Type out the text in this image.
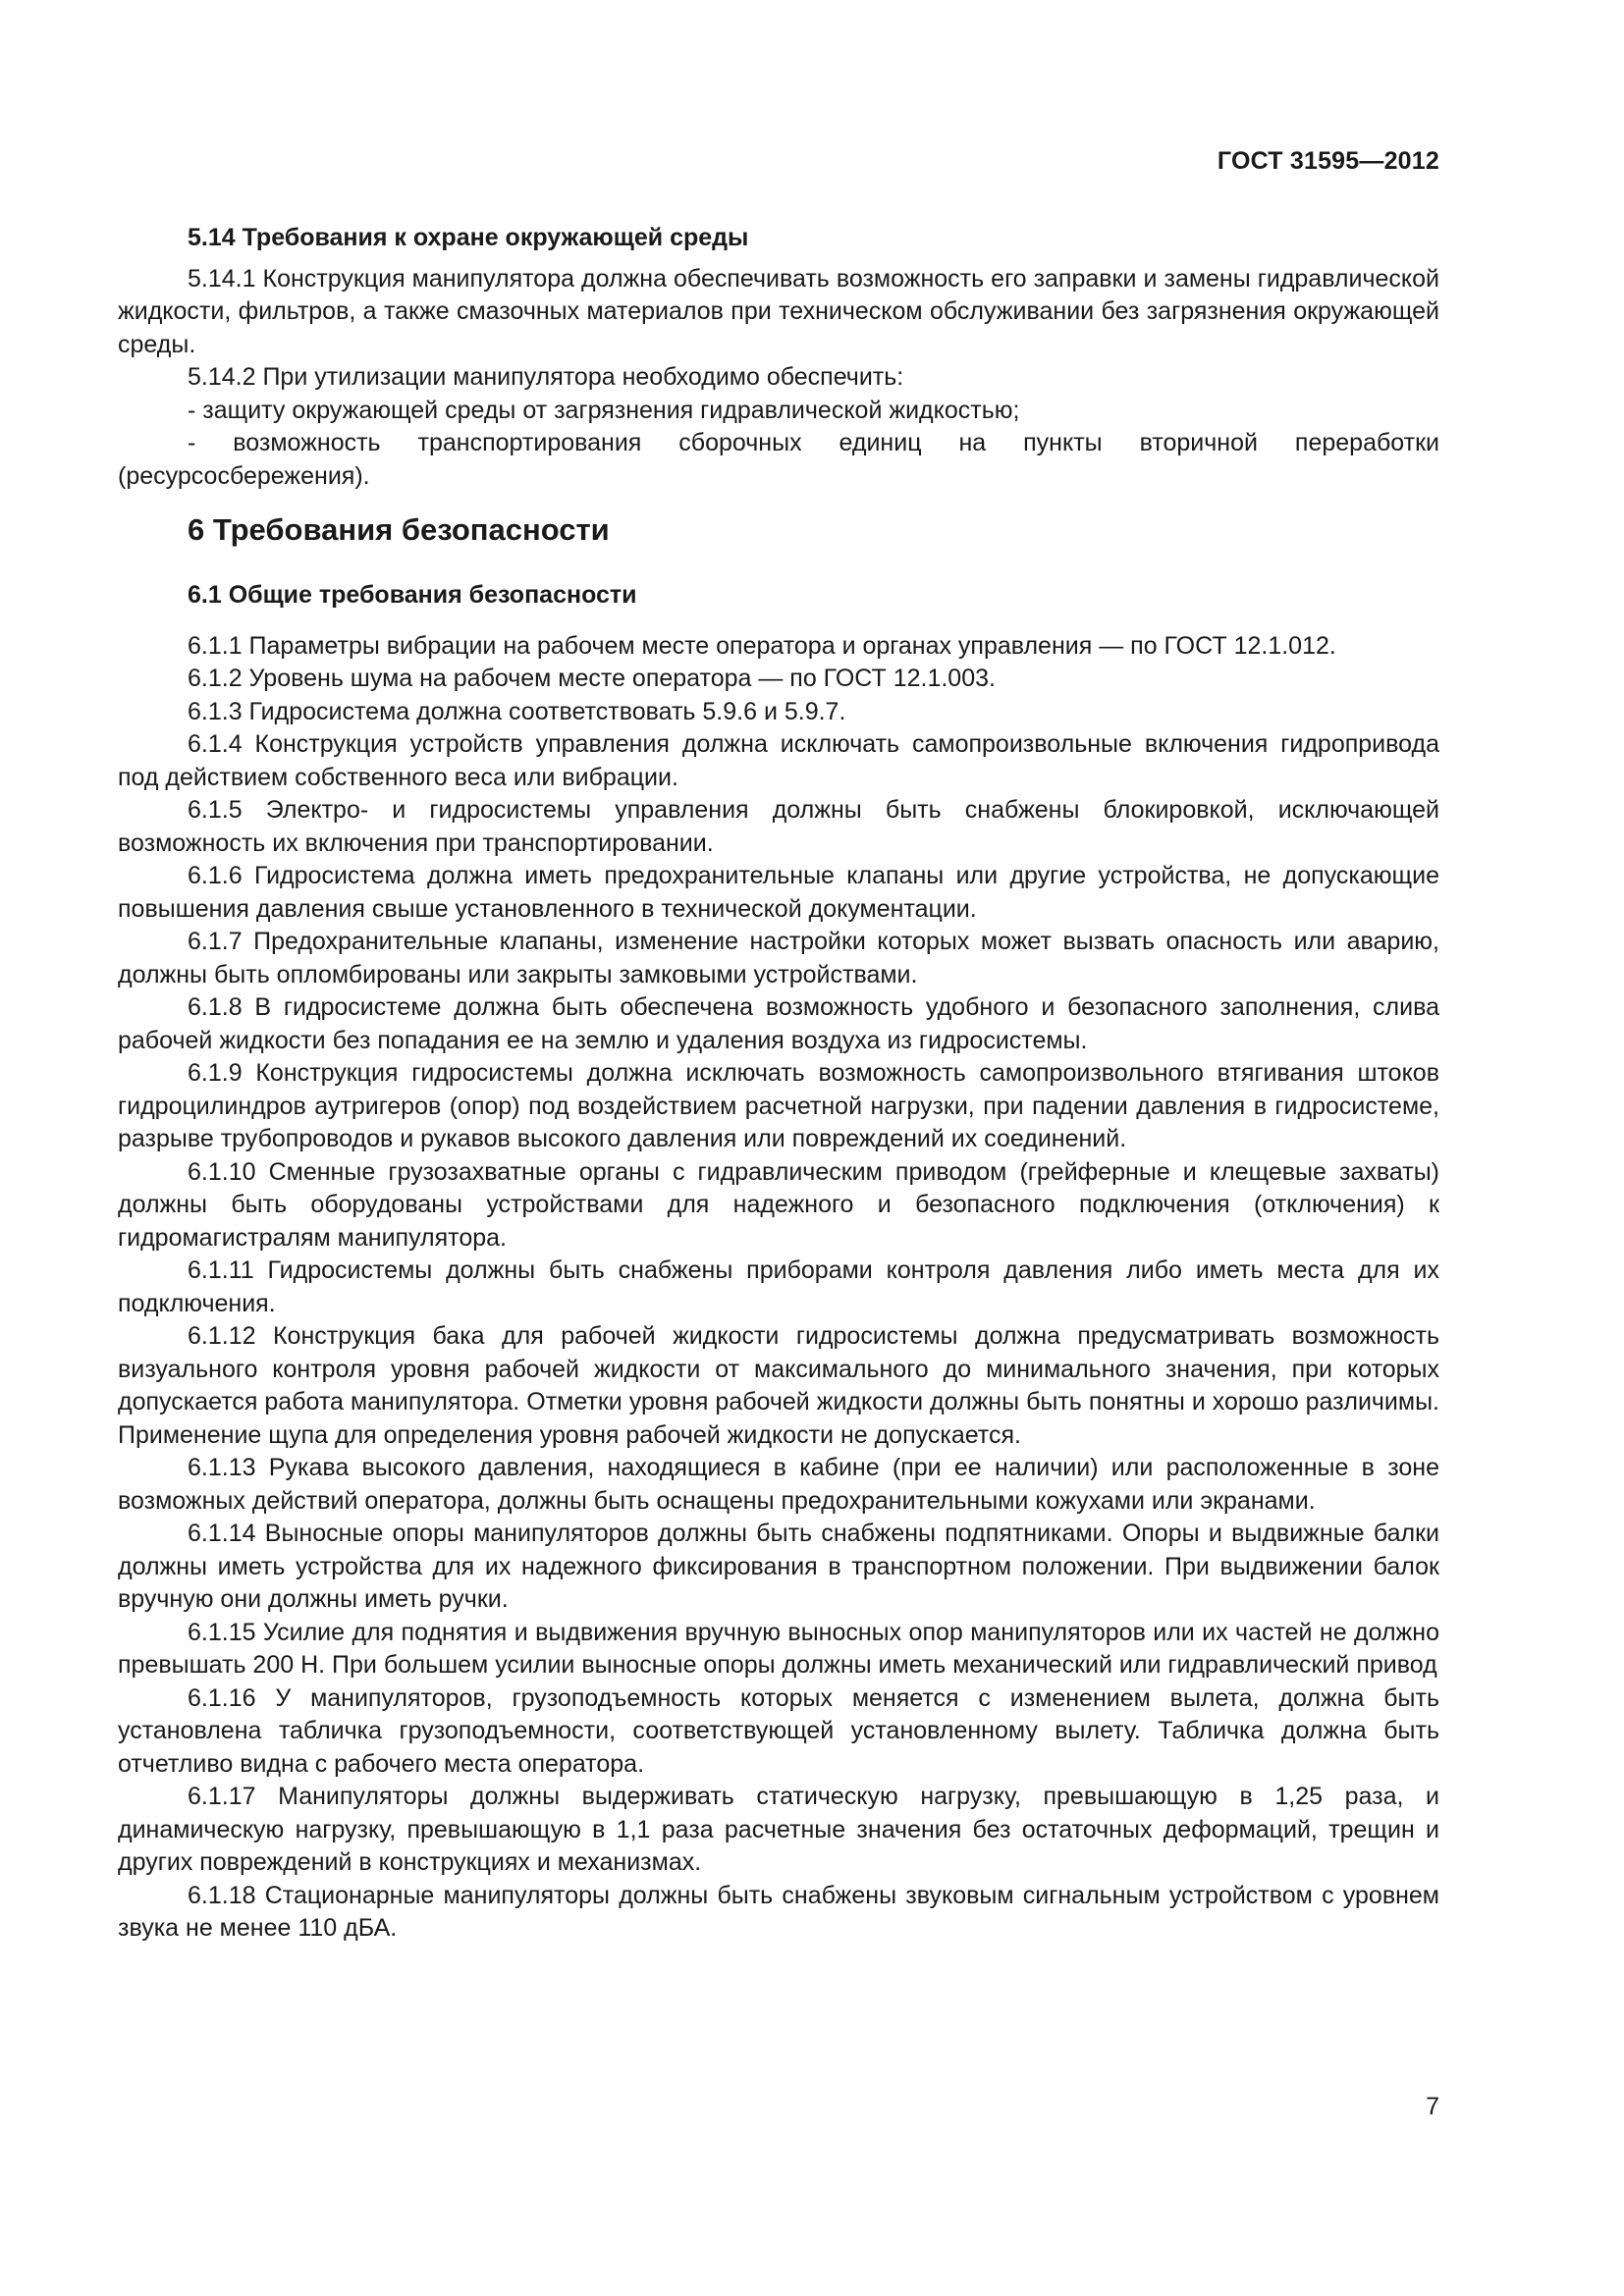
ГОСТ 31595—2012
5.14 Требования к охране окружающей среды

5.14.1 Конструкция манипулятора должна обеспечивать возможность его заправки и замены гидравлической жидкости, фильтров, а также смазочных материалов при техническом обслуживании без загрязнения окружающей среды.

5.14.2 При утилизации манипулятора необходимо обеспечить:

- защиту окружающей среды от загрязнения гидравлической жидкостью;

- возможность транспортирования сборочных единиц на пункты вторичной переработки (ресурсосбережения).

6 Требования безопасности
6.1 Общие требования безопасности

6.1.1 Параметры вибрации на рабочем месте оператора и органах управления — по ГОСТ 12.1.012.

6.1.2 Уровень шума на рабочем месте оператора — по ГОСТ 12.1.003.

6.1.3 Гидросистема должна соответствовать 5.9.6 и 5.9.7.

6.1.4 Конструкция устройств управления должна исключать самопроизвольные включения гидропривода под действием собственного веса или вибрации.

6.1.5 Электро- и гидросистемы управления должны быть снабжены блокировкой, исключающей возможность их включения при транспортировании.

6.1.6 Гидросистема должна иметь предохранительные клапаны или другие устройства, не допускающие повышения давления свыше установленного в технической документации.

6.1.7 Предохранительные клапаны, изменение настройки которых может вызвать опасность или аварию, должны быть опломбированы или закрыты замковыми устройствами.

6.1.8 В гидросистеме должна быть обеспечена возможность удобного и безопасного заполнения, слива рабочей жидкости без попадания ее на землю и удаления воздуха из гидросистемы.

6.1.9 Конструкция гидросистемы должна исключать возможность самопроизвольного втягивания штоков гидроцилиндров аутригеров (опор) под воздействием расчетной нагрузки, при падении давления в гидросистеме, разрыве трубопроводов и рукавов высокого давления или повреждений их соединений.

6.1.10 Сменные грузозахватные органы с гидравлическим приводом (грейферные и клещевые захваты) должны быть оборудованы устройствами для надежного и безопасного подключения (отключения) к гидромагистралям манипулятора.

6.1.11 Гидросистемы должны быть снабжены приборами контроля давления либо иметь места для их подключения.

6.1.12 Конструкция бака для рабочей жидкости гидросистемы должна предусматривать возможность визуального контроля уровня рабочей жидкости от максимального до минимального значения, при которых допускается работа манипулятора. Отметки уровня рабочей жидкости должны быть понятны и хорошо различимы. Применение щупа для определения уровня рабочей жидкости не допускается.

6.1.13 Рукава высокого давления, находящиеся в кабине (при ее наличии) или расположенные в зоне возможных действий оператора, должны быть оснащены предохранительными кожухами или экранами.

6.1.14 Выносные опоры манипуляторов должны быть снабжены подпятниками. Опоры и выдвижные балки должны иметь устройства для их надежного фиксирования в транспортном положении. При выдвижении балок вручную они должны иметь ручки.

6.1.15 Усилие для поднятия и выдвижения вручную выносных опор манипуляторов или их частей не должно превышать 200 Н. При большем усилии выносные опоры должны иметь механический или гидравлический привод

6.1.16 У манипуляторов, грузоподъемность которых меняется с изменением вылета, должна быть установлена табличка грузоподъемности, соответствующей установленному вылету. Табличка должна быть отчетливо видна с рабочего места оператора.

6.1.17 Манипуляторы должны выдерживать статическую нагрузку, превышающую в 1,25 раза, и динамическую нагрузку, превышающую в 1,1 раза расчетные значения без остаточных деформаций, трещин и других повреждений в конструкциях и механизмах.

6.1.18 Стационарные манипуляторы должны быть снабжены звуковым сигнальным устройством с уровнем звука не менее 110 дБА.

7
